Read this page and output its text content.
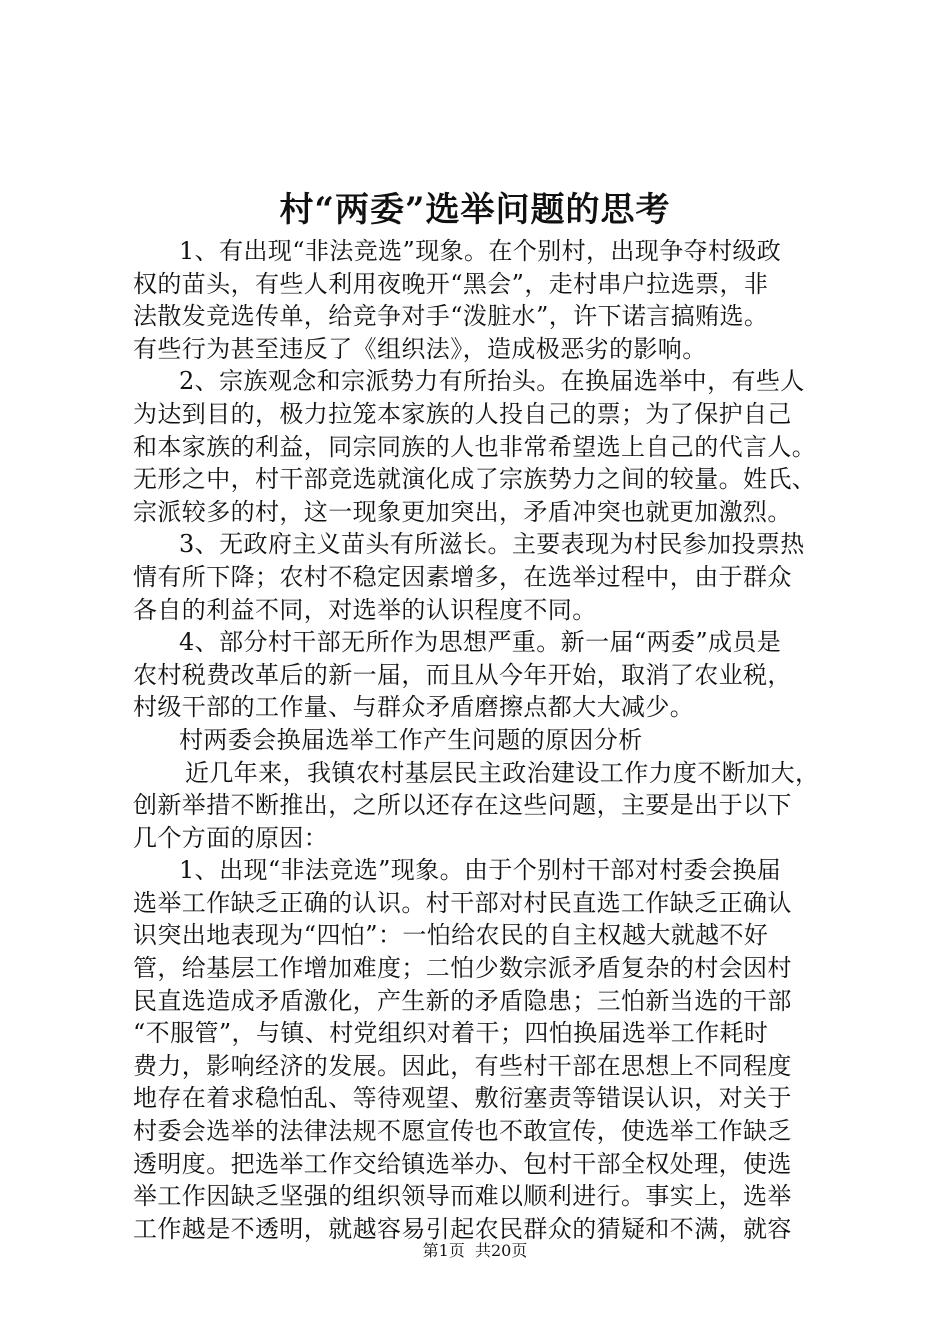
村“两委”选举问题的思考
1、有出现“非法竞选”现象。在个别村，出现争夺村级政
权的苗头，有些人利用夜晚开“黑会”，走村串户拉选票，非
法散发竞选传单，给竞争对手“泼脏水”，许下诺言搞贿选。
有些行为甚至违反了《组织法》，造成极恶劣的影响。
2、宗族观念和宗派势力有所抬头。在换届选举中，有些人
为达到目的，极力拉笼本家族的人投自己的票；为了保护自己
和本家族的利益，同宗同族的人也非常希望选上自己的代言人。
无形之中，村干部竞选就演化成了宗族势力之间的较量。姓氏、
宗派较多的村，这一现象更加突出，矛盾冲突也就更加激烈。
3、无政府主义苗头有所滋长。主要表现为村民参加投票热
情有所下降；农村不稳定因素增多，在选举过程中，由于群众
各自的利益不同，对选举的认识程度不同。
4、部分村干部无所作为思想严重。新一届“两委”成员是
农村税费改革后的新一届，而且从今年开始，取消了农业税，
村级干部的工作量、与群众矛盾磨擦点都大大减少。
村两委会换届选举工作产生问题的原因分析
近几年来，我镇农村基层民主政治建设工作力度不断加大，
创新举措不断推出，之所以还存在这些问题，主要是出于以下
几个方面的原因：
1、出现“非法竞选”现象。由于个别村干部对村委会换届
选举工作缺乏正确的认识。村干部对村民直选工作缺乏正确认
识突出地表现为“四怕”：一怕给农民的自主权越大就越不好
管，给基层工作增加难度；二怕少数宗派矛盾复杂的村会因村
民直选造成矛盾激化，产生新的矛盾隐患；三怕新当选的干部
“不服管”，与镇、村党组织对着干；四怕换届选举工作耗时
费力，影响经济的发展。因此，有些村干部在思想上不同程度
地存在着求稳怕乱、等待观望、敷衍塞责等错误认识，对关于
村委会选举的法律法规不愿宣传也不敢宣传，使选举工作缺乏
透明度。把选举工作交给镇选举办、包村干部全权处理，使选
举工作因缺乏坚强的组织领导而难以顺利进行。事实上，选举
工作越是不透明，就越容易引起农民群众的猜疑和不满，就容
第1页  共20页
